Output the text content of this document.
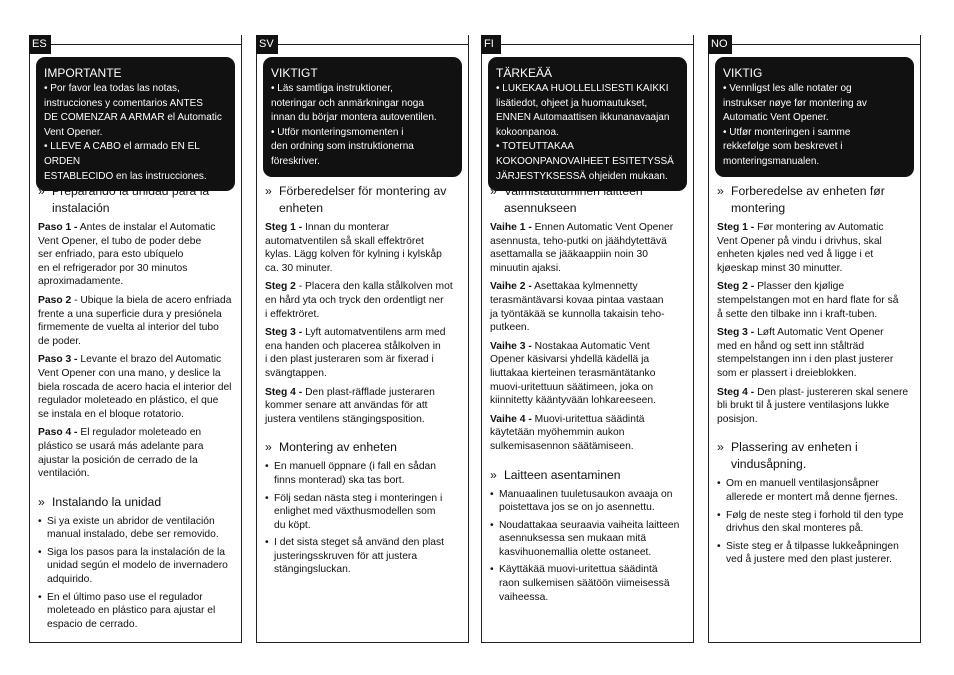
ES
IMPORTANTE
• Por favor lea todas las notas,
instrucciones y comentarios ANTES
DE COMENZAR A ARMAR el Automatic
Vent Opener.
• LLEVE A CABO el armado EN EL ORDEN
ESTABLECIDO en las instrucciones.
» Preparando la unidad para la instalación
Paso 1 - Antes de instalar el Automatic
Vent Opener, el tubo de poder debe
ser enfriado, para esto ubíquelo
en el refrigerador por 30 minutos
aproximadamente.
Paso 2 - Ubique la biela de acero enfriada
frente a una superficie dura y presiónela
firmemente de vuelta al interior del tubo
de poder.
Paso 3 - Levante el brazo del Automatic
Vent Opener con una mano, y deslice la
biela roscada de acero hacia el interior del
regulador moleteado en plástico, el que
se instala en el bloque rotatorio.
Paso 4 - El regulador moleteado en
plástico se usará más adelante para
ajustar la posición de cerrado de la
ventilación.
» Instalando la unidad
• Si ya existe un abridor de ventilación
manual instalado, debe ser removido.
• Siga los pasos para la instalación de la
unidad según el modelo de invernadero
adquirido.
• En el último paso use el regulador
moleteado en plástico para ajustar el
espacio de cerrado.
SV
VIKTIGT
• Läs samtliga instruktioner,
noteringar och anmärkningar noga
innan du börjar montera autoventilen.
• Utför monteringsmomenten i
den ordning som instruktionerna
föreskriver.
» Förberedelser för montering av enheten
Steg 1 - Innan du monterar
automatventilen så skall effektröret
kylas. Lägg kolven för kylning i kylskåp
ca. 30 minuter.
Steg 2 - Placera den kalla stålkolven mot
en hård yta och tryck den ordentligt ner
i effektröret.
Steg 3 - Lyft automatventilens arm med
ena handen och placerea stålkolven in
i den plast justeraren som är fixerad i
svängtappen.
Steg 4 - Den plast-räfflade justeraren
kommer senare att användas för att
justera ventilens stängingsposition.
» Montering av enheten
• En manuell öppnare (i fall en sådan
finns monterad) ska tas bort.
• Följ sedan nästa steg i monteringen i
enlighet med växthusmodellen som
du köpt.
• I det sista steget så använd den plast
justeringsskruven för att justera
stängingsluckan.
FI
TÄRKEÄÄ
• LUKEKAA HUOLLELLISESTI KAIKKI
lisätiedot, ohjeet ja huomautukset,
ENNEN Automaattisen ikkunanavaajan
kokoonpanoa.
• TOTEUTTAKAA
KOKOONPANOVAIHEET ESITETYSSÄ
JÄRJESTYKSESSÄ ohjeiden mukaan.
» Valmistautuminen laitteen asennukseen
Vaihe 1 - Ennen Automatic Vent Opener
asennusta, teho-putki on jäähdytettävä
asettamalla se jääkaappiin noin 30
minuutin ajaksi.
Vaihe 2 - Asettakaa kylmennetty
terasmäntävarsi kovaa pintaa vastaan
ja työntäkää se kunnolla takaisin teho-
putkeen.
Vaihe 3 - Nostakaa Automatic Vent
Opener käsivarsi yhdellä kädellä ja
liuttakaa kierteinen terasmäntätanko
muovi-uritettuun säätimeen, joka on
kiinnitetty kääntyvään lohkareeseen.
Vaihe 4 - Muovi-uritettua säädintä
käytetään myöhemmin aukon
sulkemisasennon säätämiseen.
» Laitteen asentaminen
• Manuaalinen tuuletusaukon avaaja on
poistettava jos se on jo asennettu.
• Noudattakaa seuraavia vaiheita laitteen
asennuksessa sen mukaan mitä
kasvihuonemallia olette ostaneet.
• Käyttäkää muovi-uritettua säädintä
raon sulkemisen säätöön viimeisessä
vaiheessa.
NO
VIKTIG
• Vennligst les alle notater og
instrukser nøye før montering av
Automatic Vent Opener.
• Utfør monteringen i samme
rekkefølge som beskrevet i
monteringsmanualen.
» Forberedelse av enheten før montering
Steg 1 - Før montering av Automatic
Vent Opener på vindu i drivhus, skal
enheten kjøles ned ved å ligge i et
kjøeskap minst 30 minutter.
Steg 2 - Plasser den kjølige
stempelstangen mot en hard flate for så
å sette den tilbake inn i kraft-tuben.
Steg 3 - Løft Automatic Vent Opener
med en hånd og sett inn stålträd
stempelstangen inn i den plast justerer
som er plassert i dreieblokken.
Steg 4 - Den plast- justereren skal senere
bli brukt til å justere ventilasjons lukke
posisjon.
» Plassering av enheten i vindusåpning.
• Om en manuell ventilasjonsåpner
allerede er montert må denne fjernes.
• Følg de neste steg i forhold til den type
drivhus den skal monteres på.
• Siste steg er å tilpasse lukkeåpningen
ved å justere med den plast justerer.
